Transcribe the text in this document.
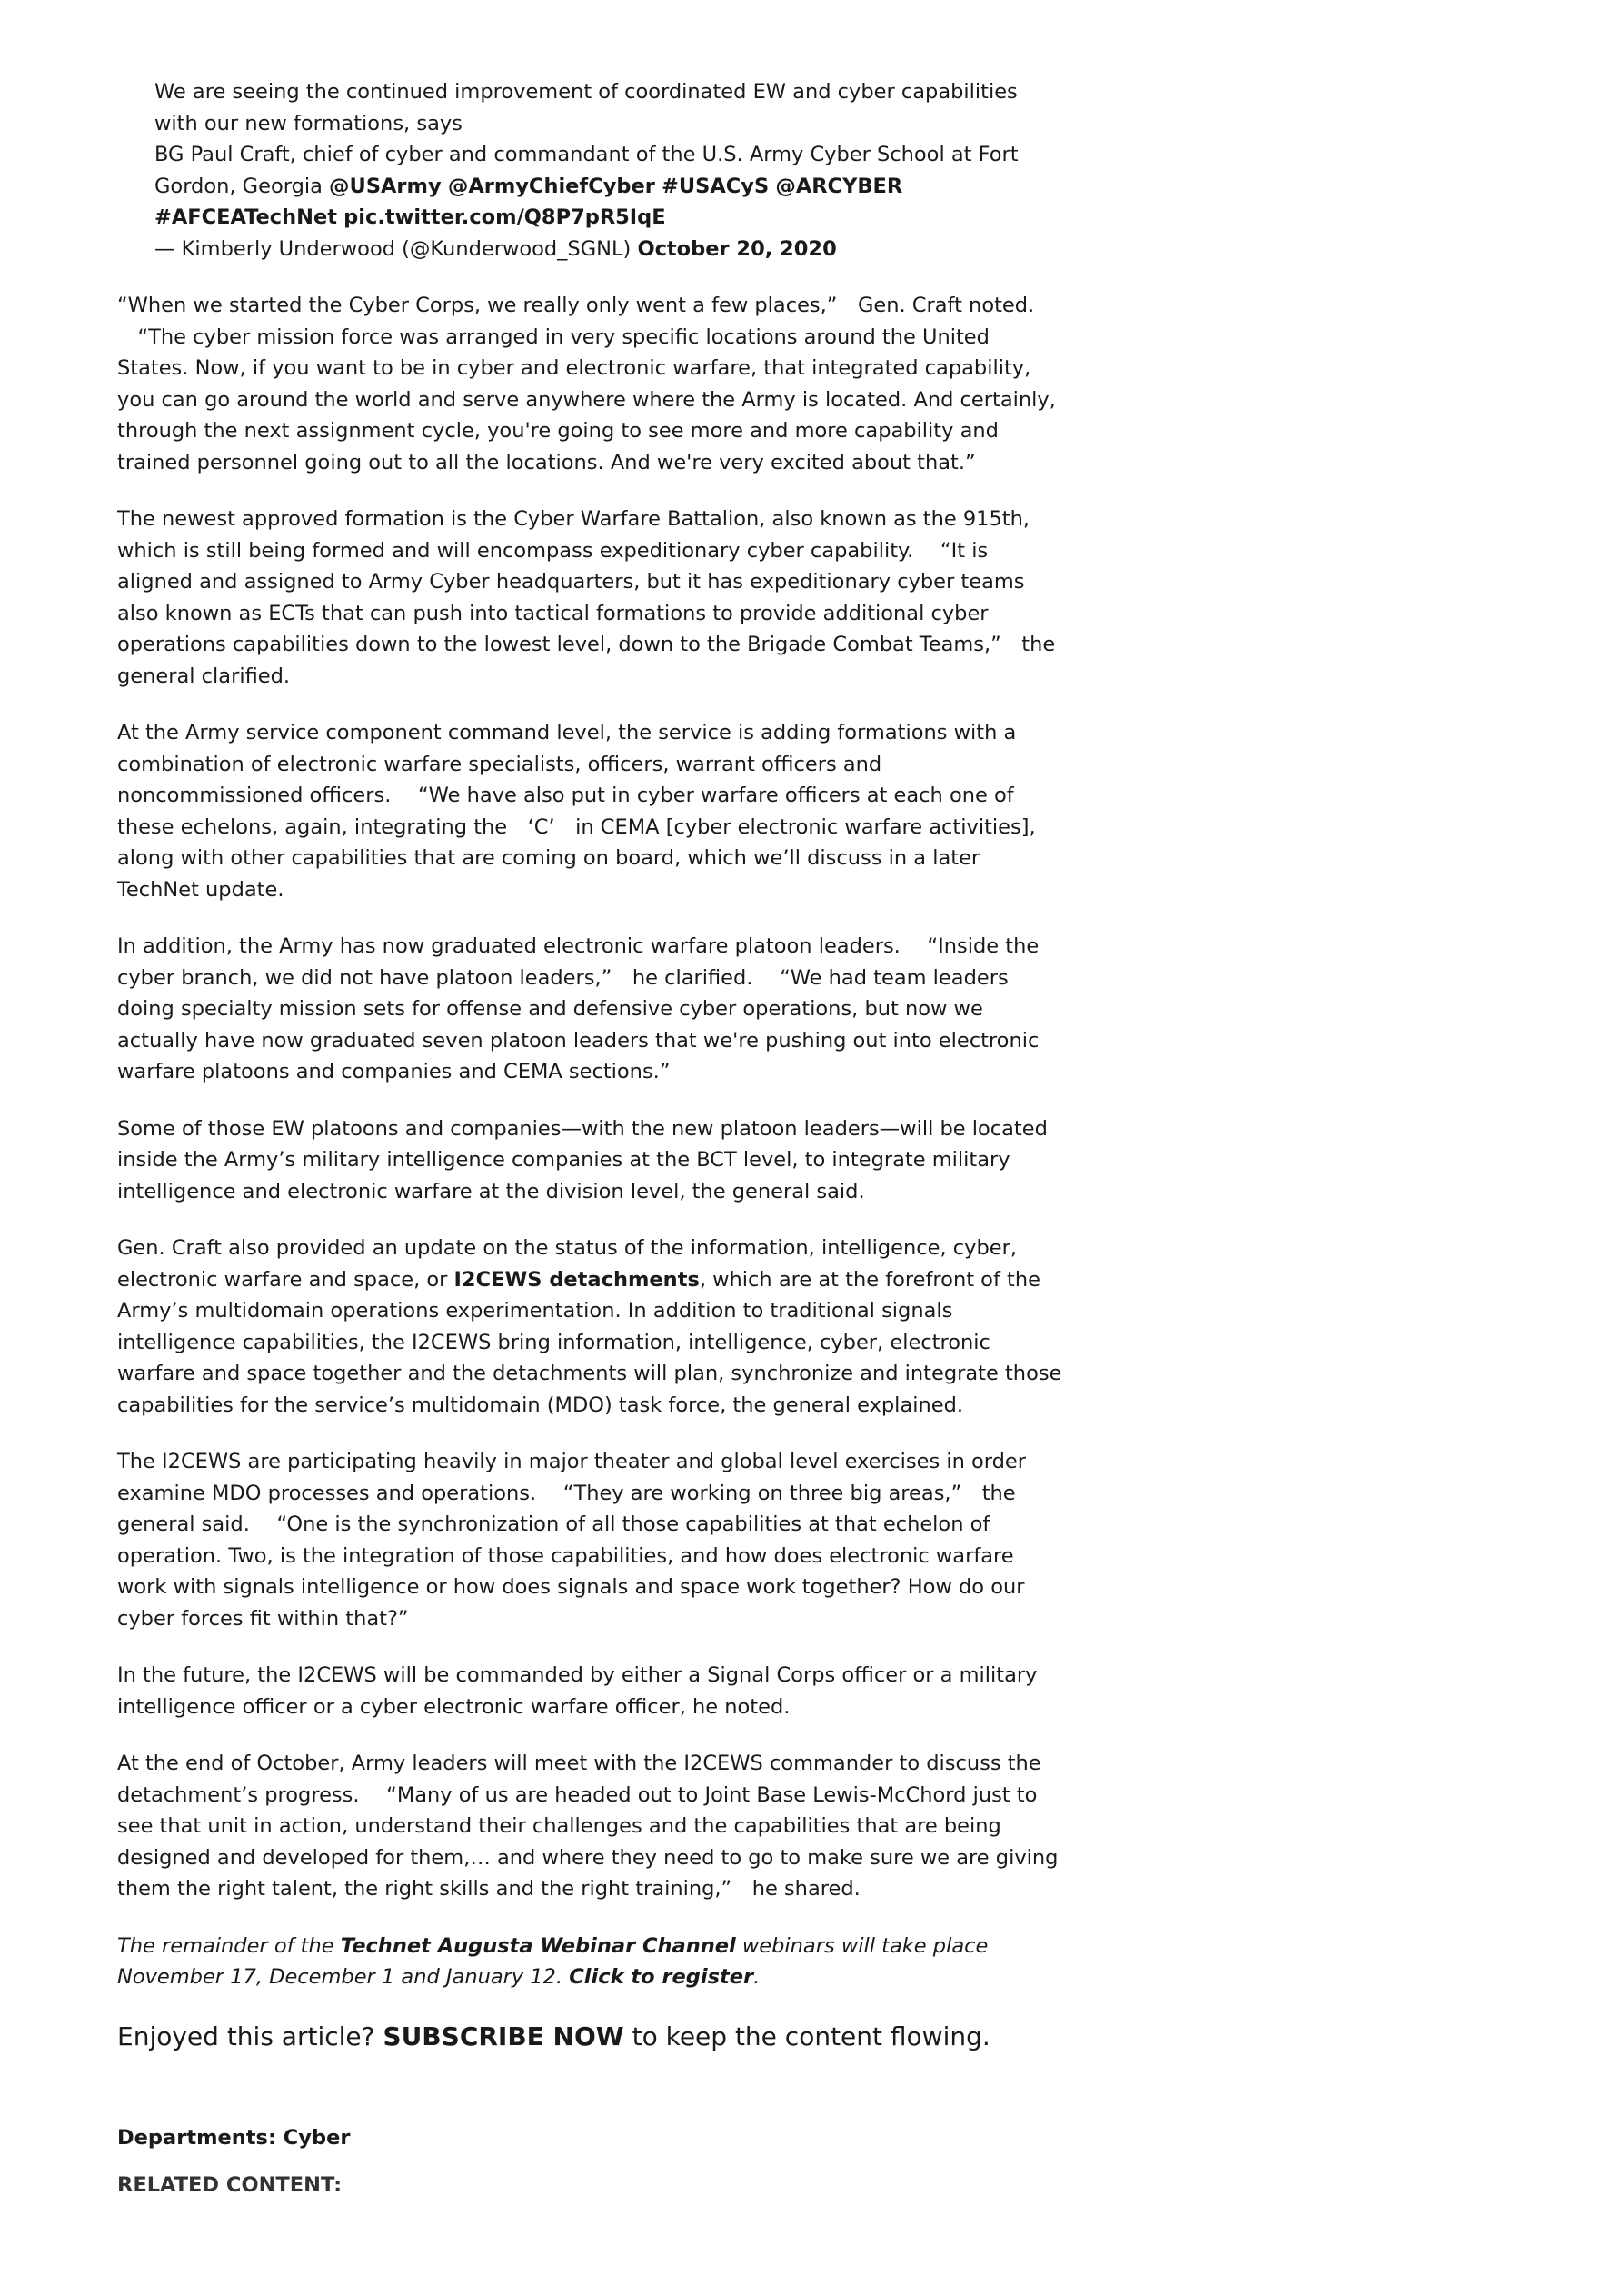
We are seeing the continued improvement of coordinated EW and cyber capabilities with our new formations, says
BG Paul Craft, chief of cyber and commandant of the U.S. Army Cyber School at Fort Gordon, Georgia @USArmy @ArmyChiefCyber #USACyS @ARCYBER #AFCEATechNet pic.twitter.com/Q8P7pR5IqE

— Kimberly Underwood (@Kunderwood_SGNL) October 20, 2020

“When we started the Cyber Corps, we really only went a few places,”　Gen. Craft noted. 　“The cyber mission force was arranged in very specific locations around the United States. Now, if you want to be in cyber and electronic warfare, that integrated capability, you can go around the world and serve anywhere where the Army is located. And certainly, through the next assignment cycle, you're going to see more and more capability and trained personnel going out to all the locations. And we're very excited about that.”

The newest approved formation is the Cyber Warfare Battalion, also known as the 915th, which is still being formed and will encompass expeditionary cyber capability. 　“It is aligned and assigned to Army Cyber headquarters, but it has expeditionary cyber teams also known as ECTs that can push into tactical formations to provide additional cyber operations capabilities down to the lowest level, down to the Brigade Combat Teams,”　the general clarified.

At the Army service component command level, the service is adding formations with a combination of electronic warfare specialists, officers, warrant officers and noncommissioned officers. 　“We have also put in cyber warfare officers at each one of these echelons, again, integrating the　‘C’　in CEMA [cyber electronic warfare activities], along with other capabilities that are coming on board, which we’ll discuss in a later TechNet update.

In addition, the Army has now graduated electronic warfare platoon leaders. 　“Inside the cyber branch, we did not have platoon leaders,”　he clarified. 　“We had team leaders doing specialty mission sets for offense and defensive cyber operations, but now we actually have now graduated seven platoon leaders that we're pushing out into electronic warfare platoons and companies and CEMA sections.”

Some of those EW platoons and companies—with the new platoon leaders—will be located inside the Army’s military intelligence companies at the BCT level, to integrate military intelligence and electronic warfare at the division level, the general said.

Gen. Craft also provided an update on the status of the information, intelligence, cyber, electronic warfare and space, or I2CEWS detachments, which are at the forefront of the Army’s multidomain operations experimentation. In addition to traditional signals intelligence capabilities, the I2CEWS bring information, intelligence, cyber, electronic warfare and space together and the detachments will plan, synchronize and integrate those capabilities for the service’s multidomain (MDO) task force, the general explained.

The I2CEWS are participating heavily in major theater and global level exercises in order examine MDO processes and operations. 　“They are working on three big areas,”　the general said. 　“One is the synchronization of all those capabilities at that echelon of operation. Two, is the integration of those capabilities, and how does electronic warfare work with signals intelligence or how does signals and space work together? How do our cyber forces fit within that?”

In the future, the I2CEWS will be commanded by either a Signal Corps officer or a military intelligence officer or a cyber electronic warfare officer, he noted.

At the end of October, Army leaders will meet with the I2CEWS commander to discuss the detachment’s progress. 　“Many of us are headed out to Joint Base Lewis-McChord just to see that unit in action, understand their challenges and the capabilities that are being designed and developed for them,… and where they need to go to make sure we are giving them the right talent, the right skills and the right training,”　he shared.

The remainder of the Technet Augusta Webinar Channel webinars will take place November 17, December 1 and January 12. Click to register.

Enjoyed this article? SUBSCRIBE NOW to keep the content flowing.

Departments: Cyber

RELATED CONTENT:
